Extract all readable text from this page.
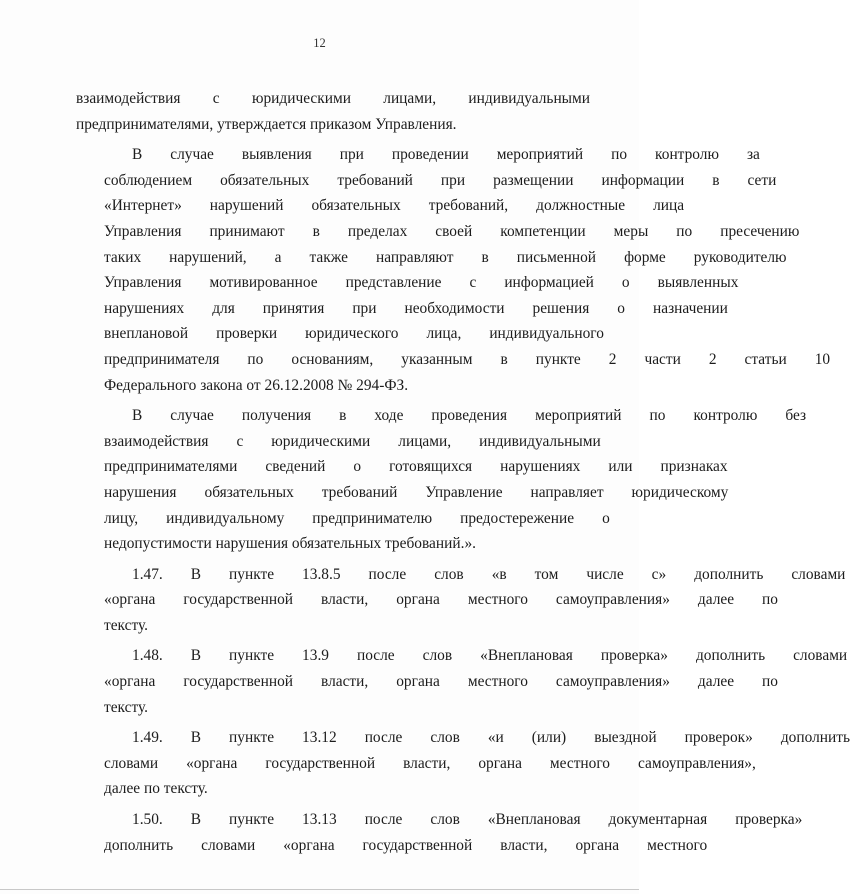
12
взаимодействия с юридическими лицами, индивидуальными
предпринимателями, утверждается приказом Управления.
В	случае	выявления	при	проведении	мероприятий	по	контролю	за
соблюдением	обязательных	требований	при	размещении	информации	в	сети
«Интернет»	нарушений	обязательных	требований,	должностные	лица
Управления	принимают	в	пределах	своей	компетенции	меры	по	пресечению
таких	нарушений,	а	также	направляют	в	письменной	форме	руководителю
Управления	мотивированное	представление	с	информацией	о	выявленных
нарушениях	для	принятия	при	необходимости	решения	о	назначении
внеплановой	проверки	юридического	лица,	индивидуального
предпринимателя	по	основаниям,	указанным	в	пункте	2	части	2	статьи	10
Федерального закона от 26.12.2008 № 294-ФЗ.
В	случае	получения	в	ходе	проведения	мероприятий	по	контролю	без
взаимодействия	с	юридическими	лицами,	индивидуальными
предпринимателями	сведений	о	готовящихся	нарушениях	или	признаках
нарушения	обязательных	требований	Управление	направляет	юридическому
лицу,	индивидуальному	предпринимателю	предостережение	о
недопустимости нарушения обязательных требований.».
1.47.	В	пункте	13.8.5	после	слов	«в	том	числе	с»	дополнить	словами
«органа	государственной	власти,	органа	местного	самоуправления»	далее	по
тексту.
1.48.	В	пункте	13.9	после	слов	«Внеплановая	проверка»	дополнить	словами
«органа	государственной	власти,	органа	местного	самоуправления»	далее	по
тексту.
1.49.	В	пункте	13.12	после	слов	«и	(или)	выездной	проверок»	дополнить
словами	«органа	государственной	власти,	органа	местного	самоуправления»,
далее по тексту.
1.50.	В	пункте	13.13	после	слов	«Внеплановая	документарная	проверка»
дополнить	словами	«органа	государственной	власти,	органа	местного
